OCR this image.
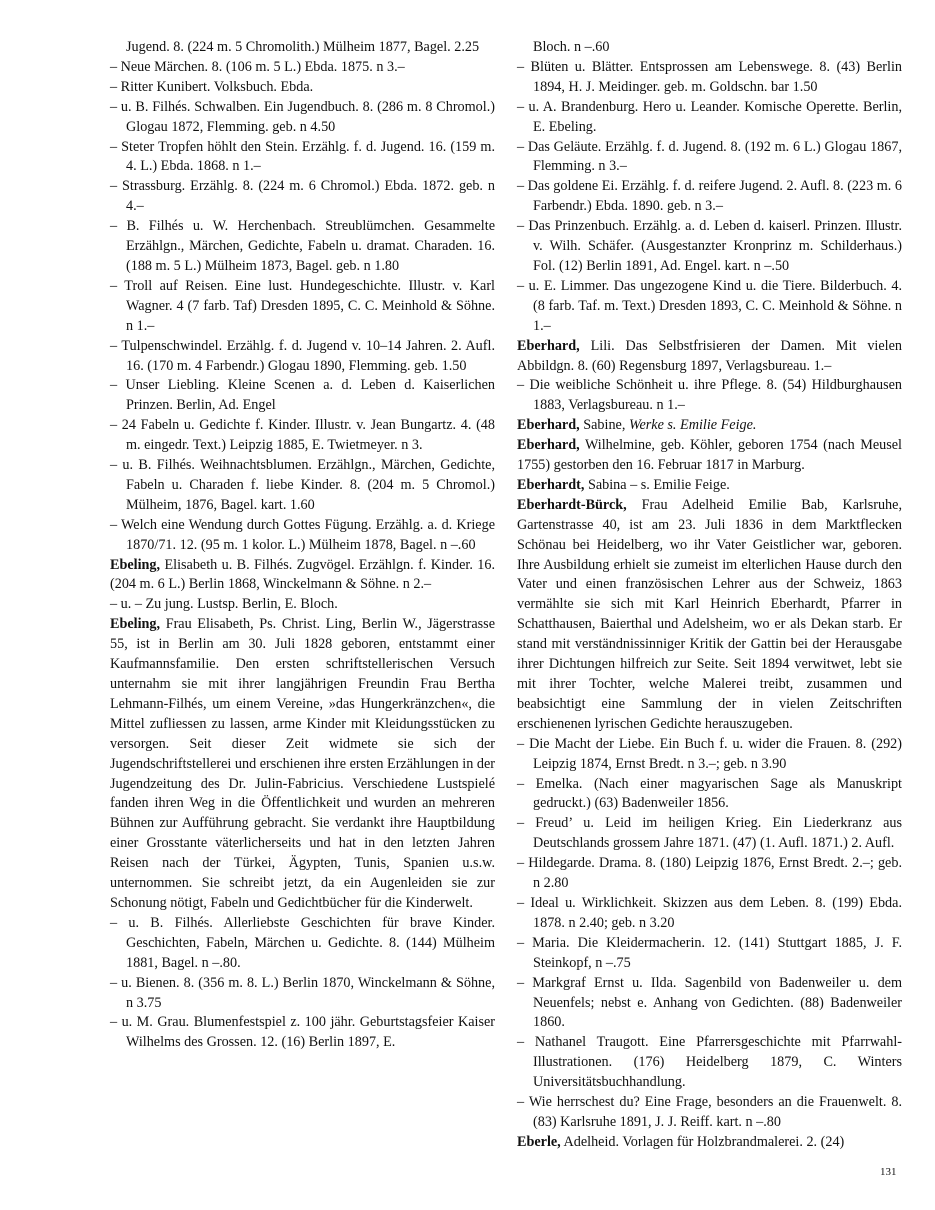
Jugend. 8. (224 m. 5 Chromolith.) Mülheim 1877, Bagel. 2.25

– Neue Märchen. 8. (106 m. 5 L.) Ebda. 1875. n 3.–

– Ritter Kunibert. Volksbuch. Ebda.

– u. B. Filhés. Schwalben. Ein Jugendbuch. 8. (286 m. 8 Chromol.) Glogau 1872, Flemming. geb. n 4.50

– Steter Tropfen höhlt den Stein. Erzählg. f. d. Jugend. 16. (159 m. 4. L.) Ebda. 1868. n 1.–

– Strassburg. Erzählg. 8. (224 m. 6 Chromol.) Ebda. 1872. geb. n 4.–

– B. Filhés u. W. Herchenbach. Streublümchen. Gesammelte Erzählgn., Märchen, Gedichte, Fabeln u. dramat. Charaden. 16. (188 m. 5 L.) Mülheim 1873, Bagel. geb. n 1.80

– Troll auf Reisen. Eine lust. Hundegeschichte. Illustr. v. Karl Wagner. 4 (7 farb. Taf) Dresden 1895, C. C. Meinhold & Söhne. n 1.–

– Tulpenschwindel. Erzählg. f. d. Jugend v. 10–14 Jahren. 2. Aufl. 16. (170 m. 4 Farbendr.) Glogau 1890, Flemming. geb. 1.50

– Unser Liebling. Kleine Scenen a. d. Leben d. Kaiserlichen Prinzen. Berlin, Ad. Engel

– 24 Fabeln u. Gedichte f. Kinder. Illustr. v. Jean Bungartz. 4. (48 m. eingedr. Text.) Leipzig 1885, E. Twietmeyer. n 3.

– u. B. Filhés. Weihnachtsblumen. Erzählgn., Märchen, Gedichte, Fabeln u. Charaden f. liebe Kinder. 8. (204 m. 5 Chromol.) Mülheim, 1876, Bagel. kart. 1.60

– Welch eine Wendung durch Gottes Fügung. Erzählg. a. d. Kriege 1870/71. 12. (95 m. 1 kolor. L.) Mülheim 1878, Bagel. n –.60

Ebeling, Elisabeth u. B. Filhés. Zugvögel. Erzählgn. f. Kinder. 16. (204 m. 6 L.) Berlin 1868, Winckelmann & Söhne. n 2.–

– u. – Zu jung. Lustsp. Berlin, E. Bloch.

Ebeling, Frau Elisabeth, Ps. Christ. Ling, Berlin W., Jägerstrasse 55, ist in Berlin am 30. Juli 1828 geboren, entstammt einer Kaufmannsfamilie. Den ersten schriftstellerischen Versuch unternahm sie mit ihrer langjährigen Freundin Frau Bertha Lehmann-Filhés, um einem Vereine, »das Hungerkränzchen«, die Mittel zufliessen zu lassen, arme Kinder mit Kleidungsstücken zu versorgen. Seit dieser Zeit widmete sie sich der Jugendschriftstellerei und erschienen ihre ersten Erzählungen in der Jugendzeitung des Dr. Julin-Fabricius. Verschiedene Lustspielé fanden ihren Weg in die Öffentlichkeit und wurden an mehreren Bühnen zur Aufführung gebracht. Sie verdankt ihre Hauptbildung einer Grosstante väterlicherseits und hat in den letzten Jahren Reisen nach der Türkei, Ägypten, Tunis, Spanien u.s.w. unternommen. Sie schreibt jetzt, da ein Augenleiden sie zur Schonung nötigt, Fabeln und Gedichtbücher für die Kinderwelt.

– u. B. Filhés. Allerliebste Geschichten für brave Kinder. Geschichten, Fabeln, Märchen u. Gedichte. 8. (144) Mülheim 1881, Bagel. n –.80.

– u. Bienen. 8. (356 m. 8. L.) Berlin 1870, Winckelmann & Söhne, n 3.75

– u. M. Grau. Blumenfestspiel z. 100 jähr. Geburtstagsfeier Kaiser Wilhelms des Grossen. 12. (16) Berlin 1897, E.

Bloch. n –.60

– Blüten u. Blätter. Entsprossen am Lebenswege. 8. (43) Berlin 1894, H. J. Meidinger. geb. m. Goldschn. bar 1.50

– u. A. Brandenburg. Hero u. Leander. Komische Operette. Berlin, E. Ebeling.

– Das Geläute. Erzählg. f. d. Jugend. 8. (192 m. 6 L.) Glogau 1867, Flemming. n 3.–

– Das goldene Ei. Erzählg. f. d. reifere Jugend. 2. Aufl. 8. (223 m. 6 Farbendr.) Ebda. 1890. geb. n 3.–

– Das Prinzenbuch. Erzählg. a. d. Leben d. kaiserl. Prinzen. Illustr. v. Wilh. Schäfer. (Ausgestanzter Kronprinz m. Schilderhaus.) Fol. (12) Berlin 1891, Ad. Engel. kart. n –.50

– u. E. Limmer. Das ungezogene Kind u. die Tiere. Bilderbuch. 4. (8 farb. Taf. m. Text.) Dresden 1893, C. C. Meinhold & Söhne. n 1.–

Eberhard, Lili. Das Selbstfrisieren der Damen. Mit vielen Abbildgn. 8. (60) Regensburg 1897, Verlagsbureau. 1.–

– Die weibliche Schönheit u. ihre Pflege. 8. (54) Hildburghausen 1883, Verlagsbureau. n 1.–

Eberhard, Sabine, Werke s. Emilie Feige.

Eberhard, Wilhelmine, geb. Köhler, geboren 1754 (nach Meusel 1755) gestorben den 16. Februar 1817 in Marburg.

Eberhardt, Sabina – s. Emilie Feige.

Eberhardt-Bürck, Frau Adelheid Emilie Bab, Karlsruhe, Gartenstrasse 40, ist am 23. Juli 1836 in dem Marktflecken Schönau bei Heidelberg, wo ihr Vater Geistlicher war, geboren. Ihre Ausbildung erhielt sie zumeist im elterlichen Hause durch den Vater und einen französischen Lehrer aus der Schweiz, 1863 vermählte sie sich mit Karl Heinrich Eberhardt, Pfarrer in Schatthausen, Baierthal und Adelsheim, wo er als Dekan starb. Er stand mit verständnissinniger Kritik der Gattin bei der Herausgabe ihrer Dichtungen hilfreich zur Seite. Seit 1894 verwitwet, lebt sie mit ihrer Tochter, welche Malerei treibt, zusammen und beabsichtigt eine Sammlung der in vielen Zeitschriften erschienenen lyrischen Gedichte herauszugeben.

– Die Macht der Liebe. Ein Buch f. u. wider die Frauen. 8. (292) Leipzig 1874, Ernst Bredt. n 3.–; geb. n 3.90

– Emelka. (Nach einer magyarischen Sage als Manuskript gedruckt.) (63) Badenweiler 1856.

– Freud’ u. Leid im heiligen Krieg. Ein Liederkranz aus Deutschlands grossem Jahre 1871. (47) (1. Aufl. 1871.) 2. Aufl.

– Hildegarde. Drama. 8. (180) Leipzig 1876, Ernst Bredt. 2.–; geb. n 2.80

– Ideal u. Wirklichkeit. Skizzen aus dem Leben. 8. (199) Ebda. 1878. n 2.40; geb. n 3.20

– Maria. Die Kleidermacherin. 12. (141) Stuttgart 1885, J. F. Steinkopf, n –.75

– Markgraf Ernst u. Ilda. Sagenbild von Badenweiler u. dem Neuenfels; nebst e. Anhang von Gedichten. (88) Badenweiler 1860.

– Nathanel Traugott. Eine Pfarrersgeschichte mit Pfarrwahl-Illustrationen. (176) Heidelberg 1879, C. Winters Universitätsbuchhandlung.

– Wie herrschest du? Eine Frage, besonders an die Frauenwelt. 8. (83) Karlsruhe 1891, J. J. Reiff. kart. n –.80

Eberle, Adelheid. Vorlagen für Holzbrandmalerei. 2. (24)

131
